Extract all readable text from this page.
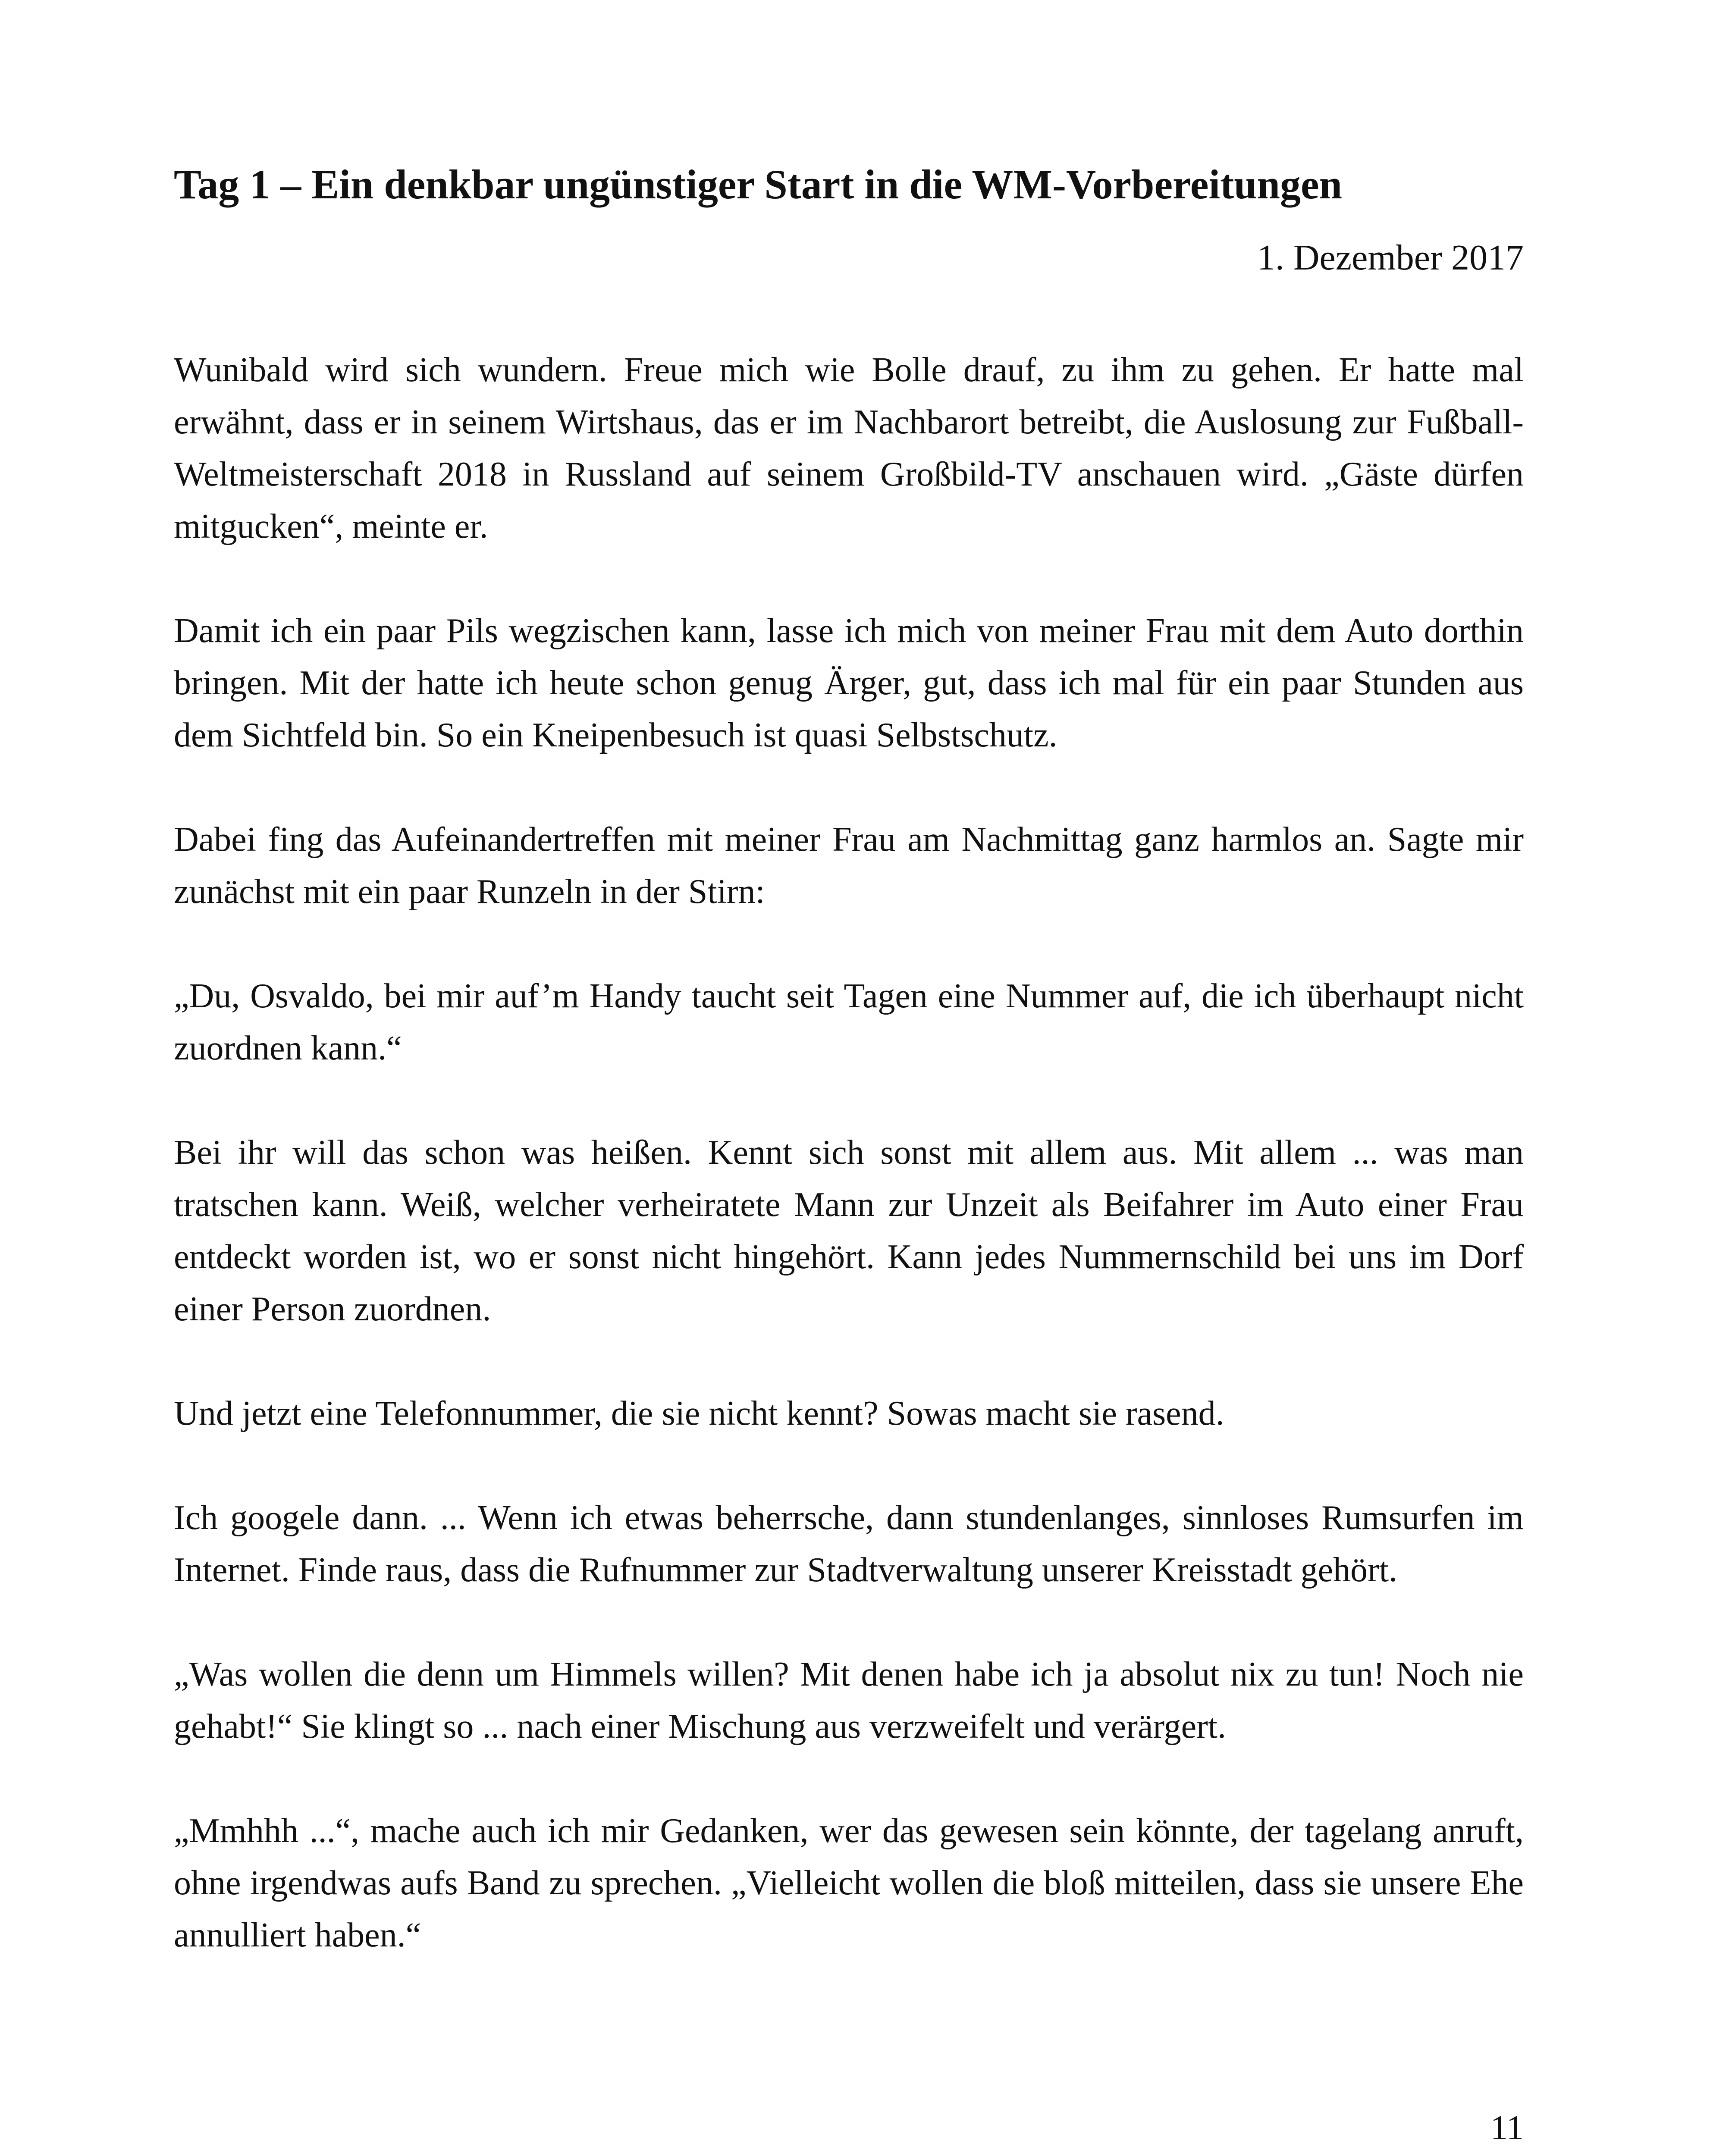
Tag 1 – Ein denkbar ungünstiger Start in die WM-Vorbereitungen

1. Dezember 2017

Wunibald wird sich wundern. Freue mich wie Bolle drauf, zu ihm zu gehen. Er hatte mal erwähnt, dass er in seinem Wirtshaus, das er im Nachbarort betreibt, die Auslosung zur Fußball-Weltmeisterschaft 2018 in Russland auf seinem Großbild-TV anschauen wird. „Gäste dürfen mitgucken“, meinte er.

Damit ich ein paar Pils wegzischen kann, lasse ich mich von meiner Frau mit dem Auto dorthin bringen. Mit der hatte ich heute schon genug Ärger, gut, dass ich mal für ein paar Stunden aus dem Sichtfeld bin. So ein Kneipenbesuch ist quasi Selbstschutz.

Dabei fing das Aufeinandertreffen mit meiner Frau am Nachmittag ganz harmlos an. Sagte mir zunächst mit ein paar Runzeln in der Stirn:

„Du, Osvaldo, bei mir auf’m Handy taucht seit Tagen eine Nummer auf, die ich überhaupt nicht zuordnen kann.“

Bei ihr will das schon was heißen. Kennt sich sonst mit allem aus. Mit allem ... was man tratschen kann. Weiß, welcher verheiratete Mann zur Unzeit als Beifahrer im Auto einer Frau entdeckt worden ist, wo er sonst nicht hingehört. Kann jedes Nummernschild bei uns im Dorf einer Person zuordnen.

Und jetzt eine Telefonnummer, die sie nicht kennt? Sowas macht sie rasend.

Ich googele dann. ... Wenn ich etwas beherrsche, dann stundenlanges, sinnloses Rumsurfen im Internet. Finde raus, dass die Rufnummer zur Stadtverwaltung unserer Kreisstadt gehört.

„Was wollen die denn um Himmels willen? Mit denen habe ich ja absolut nix zu tun! Noch nie gehabt!“ Sie klingt so ... nach einer Mischung aus verzweifelt und verärgert.

„Mmhhh ...“, mache auch ich mir Gedanken, wer das gewesen sein könnte, der tagelang anruft, ohne irgendwas aufs Band zu sprechen. „Vielleicht wollen die bloß mitteilen, dass sie unsere Ehe annulliert haben.“

11
